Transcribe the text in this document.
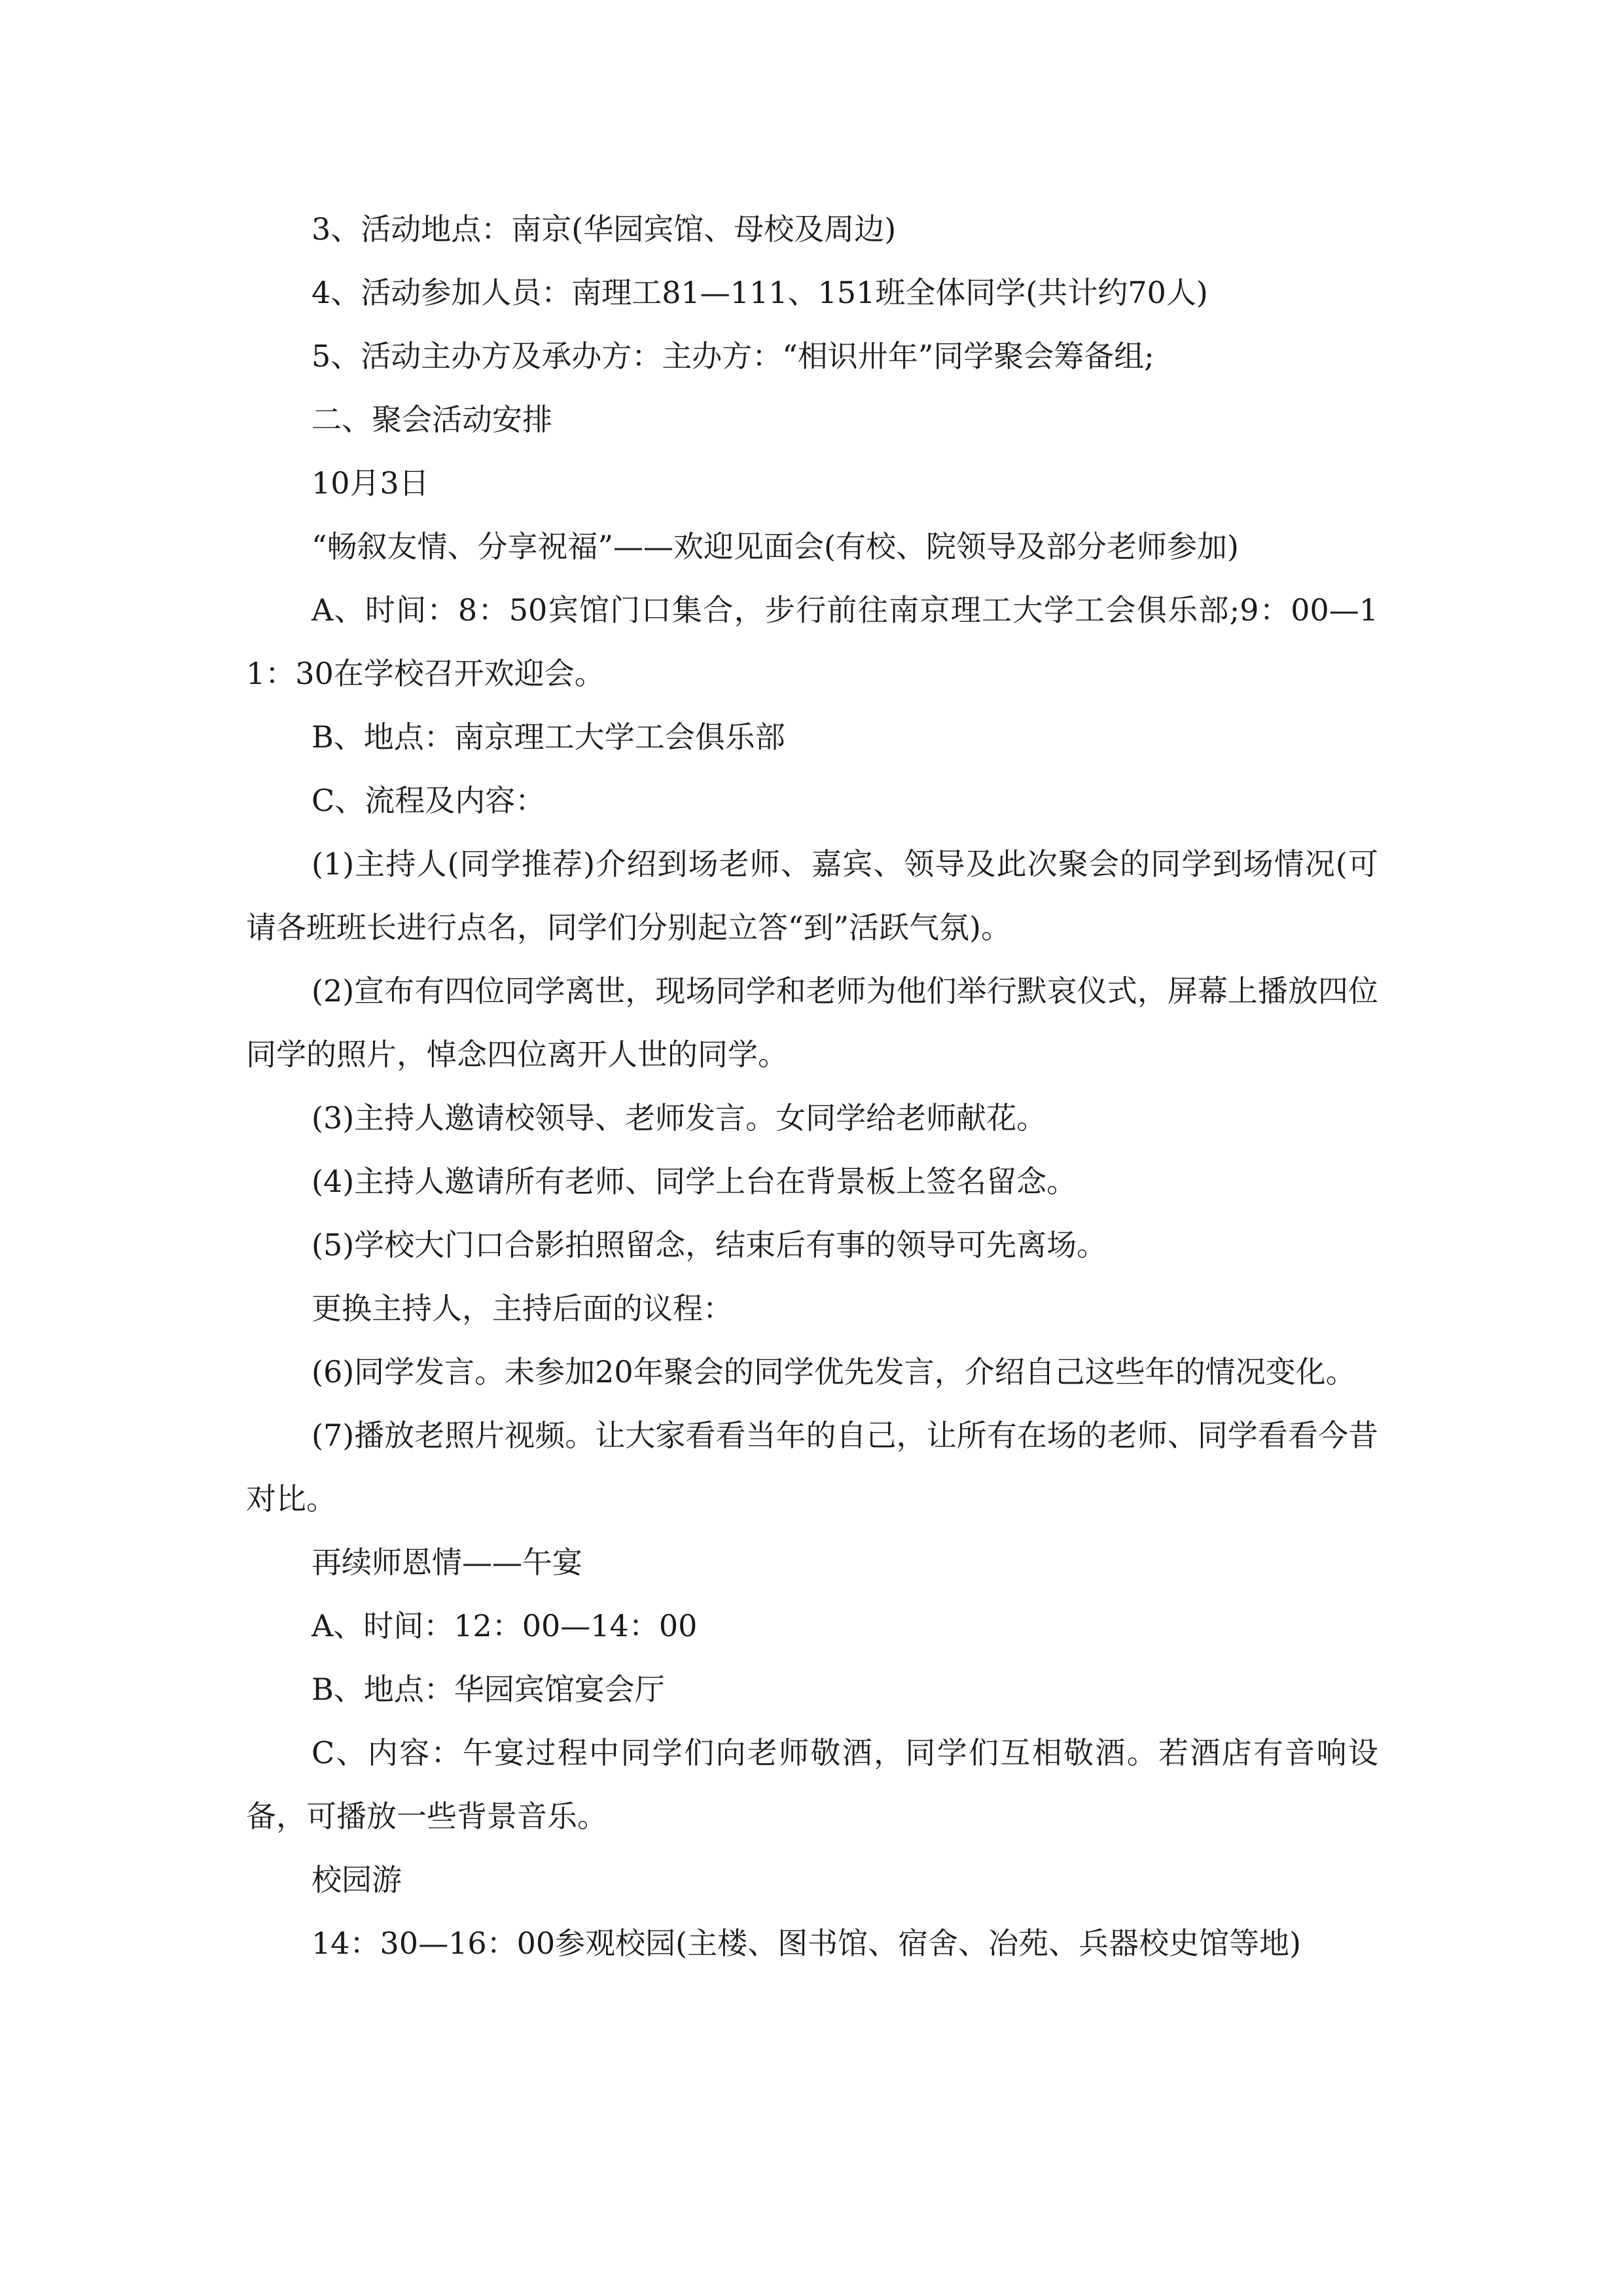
3、活动地点：南京(华园宾馆、母校及周边)

4、活动参加人员：南理工81—111、151班全体同学(共计约70人)

5、活动主办方及承办方：主办方：“相识卅年”同学聚会筹备组;

二、聚会活动安排

10月3日

“畅叙友情、分享祝福”——欢迎见面会(有校、院领导及部分老师参加)

A、时间：8：50宾馆门口集合，步行前往南京理工大学工会俱乐部;9：00—11：30在学校召开欢迎会。

B、地点：南京理工大学工会俱乐部

C、流程及内容：

(1)主持人(同学推荐)介绍到场老师、嘉宾、领导及此次聚会的同学到场情况(可请各班班长进行点名，同学们分别起立答“到”活跃气氛)。

(2)宣布有四位同学离世，现场同学和老师为他们举行默哀仪式，屏幕上播放四位同学的照片，悼念四位离开人世的同学。

(3)主持人邀请校领导、老师发言。女同学给老师献花。

(4)主持人邀请所有老师、同学上台在背景板上签名留念。

(5)学校大门口合影拍照留念，结束后有事的领导可先离场。

更换主持人，主持后面的议程：

(6)同学发言。未参加20年聚会的同学优先发言，介绍自己这些年的情况变化。

(7)播放老照片视频。让大家看看当年的自己，让所有在场的老师、同学看看今昔对比。

再续师恩情——午宴

A、时间：12：00—14：00

B、地点：华园宾馆宴会厅

C、内容：午宴过程中同学们向老师敬酒，同学们互相敬酒。若酒店有音响设备，可播放一些背景音乐。

校园游

14：30—16：00参观校园(主楼、图书馆、宿舍、冶苑、兵器校史馆等地)
